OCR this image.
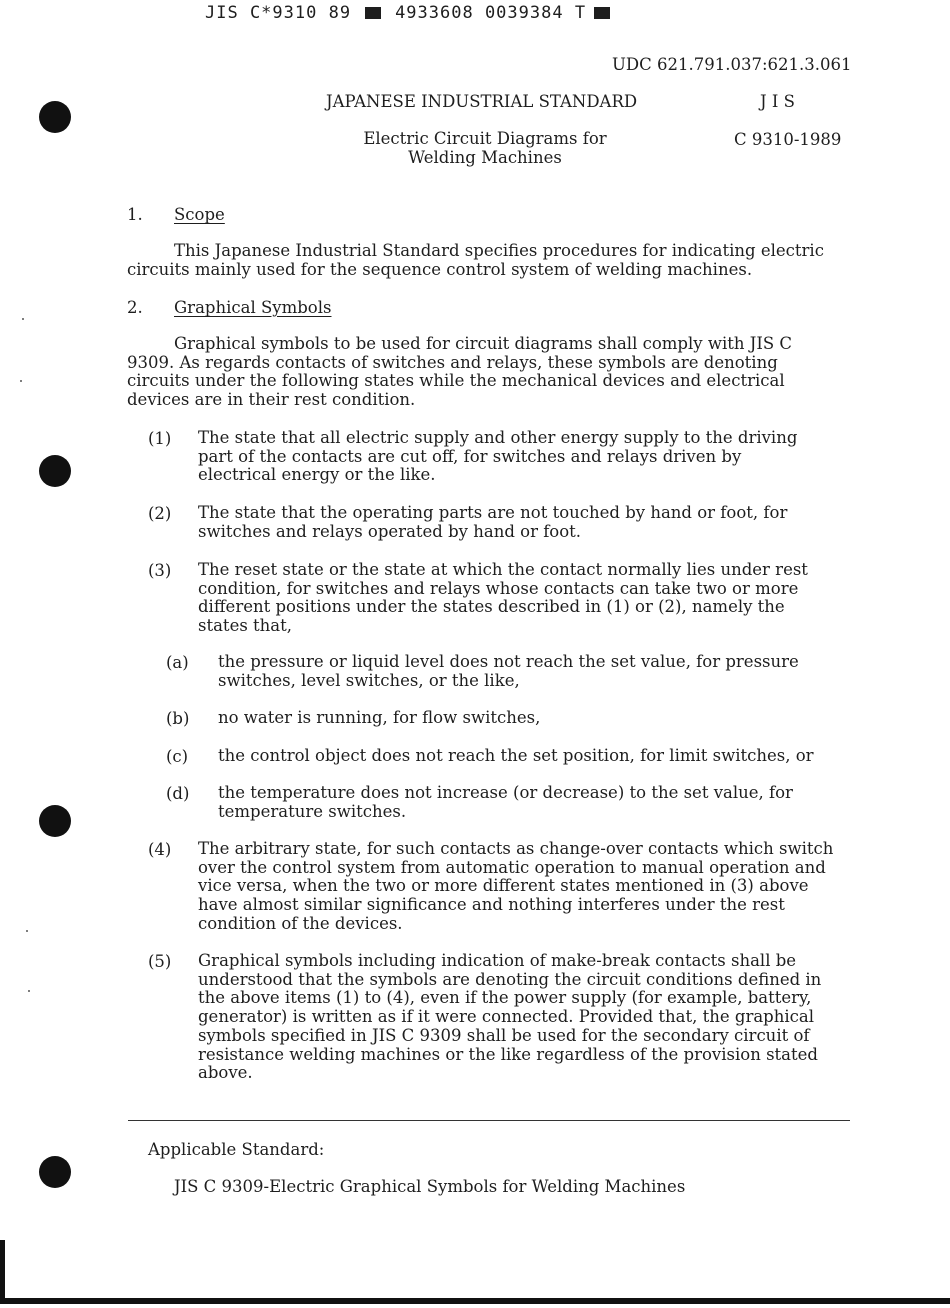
JIS C*9310 89	4933608 0039384 T
UDC 621.791.037:621.3.061
JAPANESE INDUSTRIAL STANDARD	J I S
Electric Circuit Diagrams for
Welding Machines
C 9310-1989
1. Scope
This Japanese Industrial Standard specifies procedures for indicating electric
circuits mainly used for the sequence control system of welding machines.
2. Graphical Symbols
Graphical symbols to be used for circuit diagrams shall comply with JIS C
9309. As regards contacts of switches and relays, these symbols are denoting
circuits under the following states while the mechanical devices and electrical
devices are in their rest condition.
(1) The state that all electric supply and other energy supply to the driving
part of the contacts are cut off, for switches and relays driven by
electrical energy or the like.
(2) The state that the operating parts are not touched by hand or foot, for
switches and relays operated by hand or foot.
(3) The reset state or the state at which the contact normally lies under rest
condition, for switches and relays whose contacts can take two or more
different positions under the states described in (1) or (2), namely the
states that,
(a) the pressure or liquid level does not reach the set value, for pressure
switches, level switches, or the like,
(b) no water is running, for flow switches,
(c) the control object does not reach the set position, for limit switches, or
(d) the temperature does not increase (or decrease) to the set value, for
temperature switches.
(4) The arbitrary state, for such contacts as change-over contacts which switch
over the control system from automatic operation to manual operation and
vice versa, when the two or more different states mentioned in (3) above
have almost similar significance and nothing interferes under the rest
condition of the devices.
(5) Graphical symbols including indication of make-break contacts shall be
understood that the symbols are denoting the circuit conditions defined in
the above items (1) to (4), even if the power supply (for example, battery,
generator) is written as if it were connected. Provided that, the graphical
symbols specified in JIS C 9309 shall be used for the secondary circuit of
resistance welding machines or the like regardless of the provision stated
above.
Applicable Standard:
JIS C 9309-Electric Graphical Symbols for Welding Machines
